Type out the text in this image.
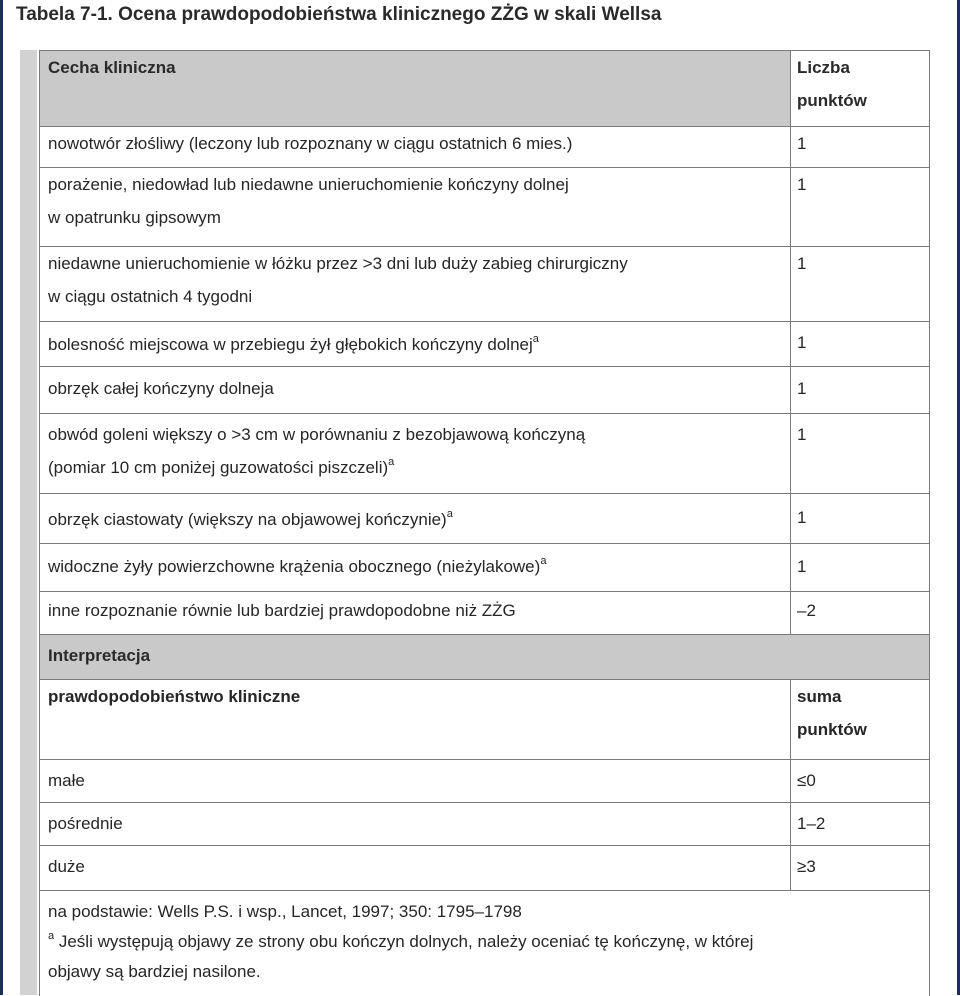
Tabela 7-1. Ocena prawdopodobieństwa klinicznego ZŻG w skali Wellsa
Cecha kliniczna	Liczba
punktów

nowotwór złośliwy (leczony lub rozpoznany w ciągu ostatnich 6 mies.)	1

porażenie, niedowład lub niedawne unieruchomienie kończyny dolnej
w opatrunku gipsowym	1

niedawne unieruchomienie w łóżku przez >3 dni lub duży zabieg chirurgiczny
w ciągu ostatnich 4 tygodni	1
bolesność miejscowa w przebiegu żył głębokich kończyny dolnej$^a$	1
obrzęk całej kończyny dolneja	1

obwód goleni większy o >3 cm w porównaniu z bezobjawową kończyną
(pomiar 10 cm poniżej guzowatości piszczeli)$^a$	1
obrzęk ciastowaty (większy na objawowej kończynie)$^a$	1
widoczne żyły powierzchowne krążenia obocznego (nieżylakowe)$^a$	1
inne rozpoznanie równie lub bardziej prawdopodobne niż ZŻG	–2
Interpretacja	
prawdopodobieństwo kliniczne	suma
punktów

małe	≤0
pośrednie	1–2
duże	≥3

na podstawie: Wells P.S. i wsp., Lancet, 1997; 350: 1795–1798
$^a$ Jeśli występują objawy ze strony obu kończyn dolnych, należy oceniać tę kończynę, w której
objawy są bardziej nasilone.	
